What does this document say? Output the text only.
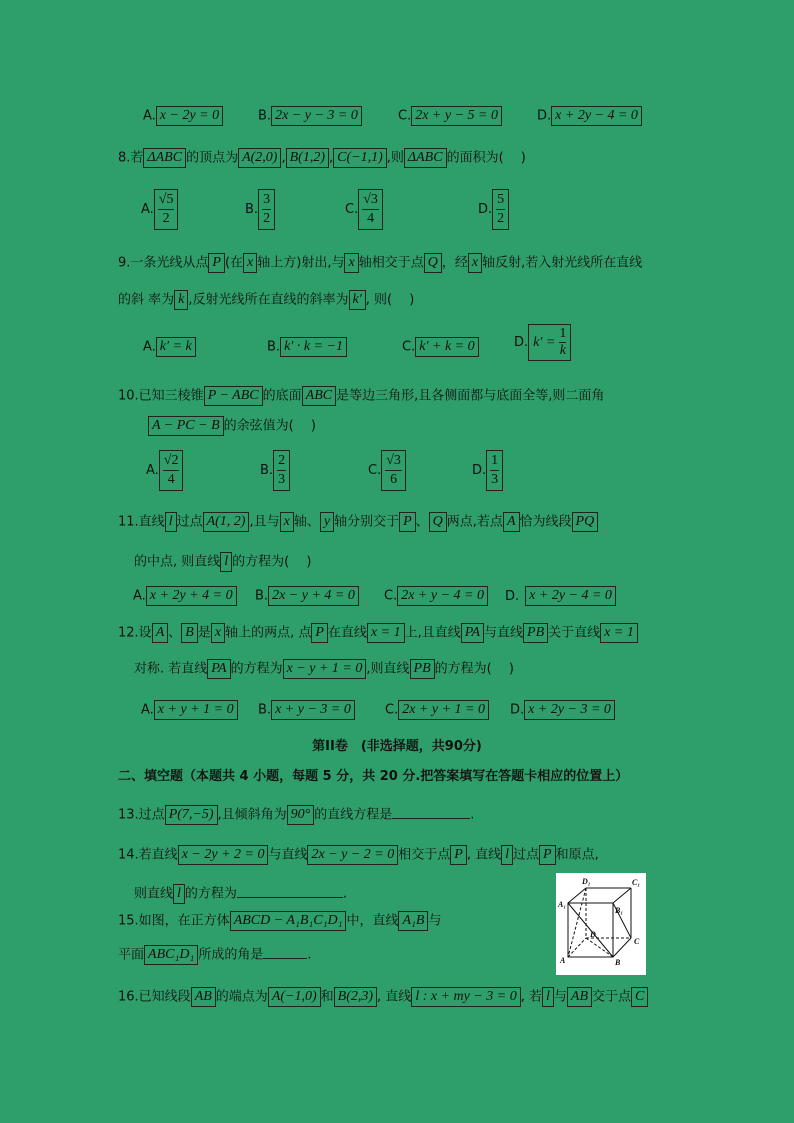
A. x − 2y = 0	B. 2x − y − 3 = 0	C. 2x + y − 5 = 0	D. x + 2y − 4 = 0
8.若 ΔABC 的顶点为 A(2,0) , B(1,2) , C(−1,1) ,则 ΔABC 的面积为(　 )
A. $\frac{√5}{2}$	B. $\frac{3}{2}$	C. $\frac{√3}{4}$	D. $\frac{5}{2}$
9.一条光线从点 P (在 x 轴上方)射出,与 x 轴相交于点 Q ，经 x 轴反射,若入射光线所在直线
的斜 率为 k ,反射光线所在直线的斜率为 k′ , 则(　 )
A. k′ = k	B. k′ · k = −1	C. k′ + k = 0	D. $k' = \frac{1}{k}$
10.已知三棱锥 P − ABC 的底面 ABC 是等边三角形,且各侧面都与底面全等,则二面角
A − PC − B 的余弦值为(　 )
A. $\frac{√2}{4}$	B. $\frac{2}{3}$	C. $\frac{√3}{6}$	D. $\frac{1}{3}$
11.直线 l 过点 A(1, 2) ,且与 x 轴、 y 轴分别交于 P 、 Q 两点,若点 A 恰为线段 PQ
的中点, 则直线 l 的方程为(　 )
A. x + 2y + 4 = 0	B. 2x − y + 4 = 0	C. 2x + y − 4 = 0	D. x + 2y − 4 = 0
12.设 A 、 B 是 x 轴上的两点, 点 P 在直线 x = 1 上,且直线 PA 与直线 PB 关于直线 x = 1
对称. 若直线 PA 的方程为 x − y + 1 = 0 ,则直线 PB 的方程为(　 )
A. x + y + 1 = 0	B. x + y − 3 = 0	C. 2x + y + 1 = 0	D. x + 2y − 3 = 0
第II卷　(非选择题，共90分)
二、填空题（本题共 4 小题，每题 5 分，共 20 分.把答案填写在答题卡相应的位置上）
13.过点 P(7,−5) ,且倾斜角为 90° 的直线方程是	.
14.若直线 x − 2y + 2 = 0 与直线 2x − y − 2 = 0 相交于点 P , 直线 l 过点 P 和原点,
则直线 l 的方程为	.
15.如图，在正方体 ABCD − A₁B₁C₁D₁ 中，直线 A₁B 与
平面 ABC₁D₁ 所成的角是	.
D₁	C₁
A₁
B₁
D
C
A	B
16.已知线段 AB 的端点为 A(−1,0) 和 B(2,3) , 直线 l : x + my − 3 = 0 , 若 l 与 AB 交于点 C
